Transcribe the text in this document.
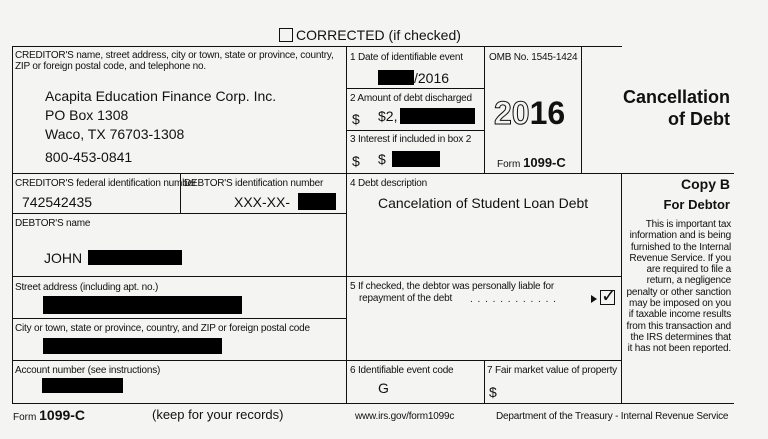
CORRECTED (if checked)
CREDITOR'S name, street address, city or town, state or province, country, ZIP or foreign postal code, and telephone no.
Acapita Education Finance Corp. Inc.
PO Box 1308
Waco, TX 76703-1308
800-453-0841
1 Date of identifiable event
/2016
2 Amount of debt discharged
$ $2,
3 Interest if included in box 2
$ $
OMB No. 1545-1424
2016
Form 1099-C
Cancellation
of Debt
CREDITOR'S federal identification number
742542435
DEBTOR'S identification number
XXX-XX-
DEBTOR'S name
JOHN
Street address (including apt. no.)
City or town, state or province, country, and ZIP or foreign postal code
Account number (see instructions)
4 Debt description
Cancelation of Student Loan Debt
5 If checked, the debtor was personally liable for
repayment of the debt . . . . . . . . . . . . ✓
6 Identifiable event code
G
7 Fair market value of property
$
Copy B
For Debtor
This is important tax information and is being furnished to the Internal Revenue Service. If you are required to file a return, a negligence penalty or other sanction may be imposed on you if taxable income results from this transaction and the IRS determines that it has not been reported.
Form 1099-C	(keep for your records)	www.irs.gov/form1099c	Department of the Treasury - Internal Revenue Service
